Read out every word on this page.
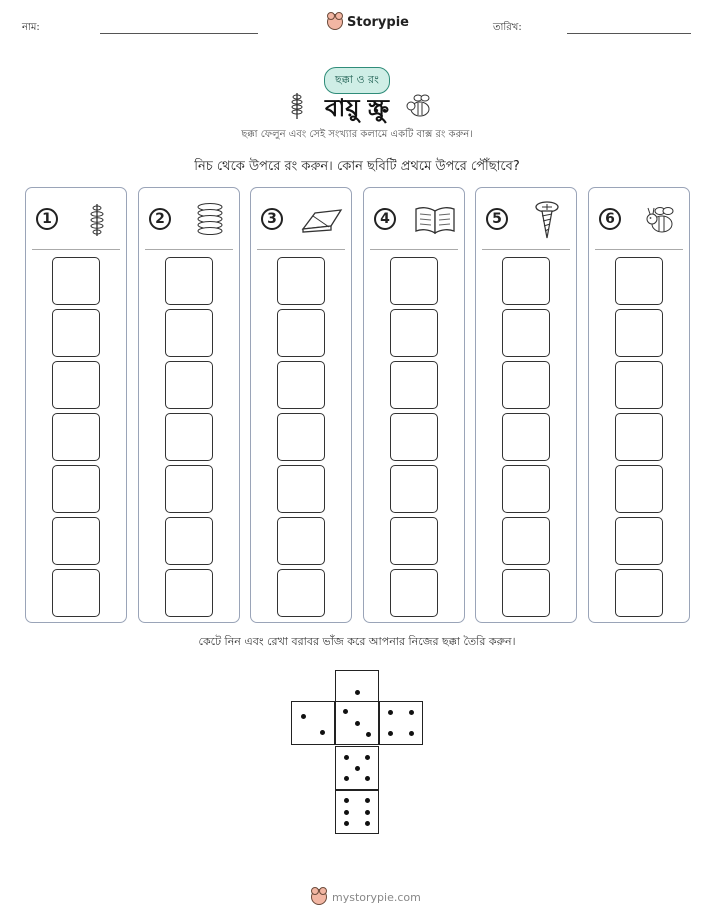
নাম:	Storypie	তারিখ:
ছক্কা ও রং
বায়ু স্ক্রু
ছক্কা ফেলুন এবং সেই সংখ্যার কলামে একটি বাক্স রং করুন।
নিচ থেকে উপরে রং করুন। কোন ছবিটি প্রথমে উপরে পৌঁছাবে?
1	2	3	4	5	6
কেটে নিন এবং রেখা বরাবর ভাঁজ করে আপনার নিজের ছক্কা তৈরি করুন।
mystorypie.com
